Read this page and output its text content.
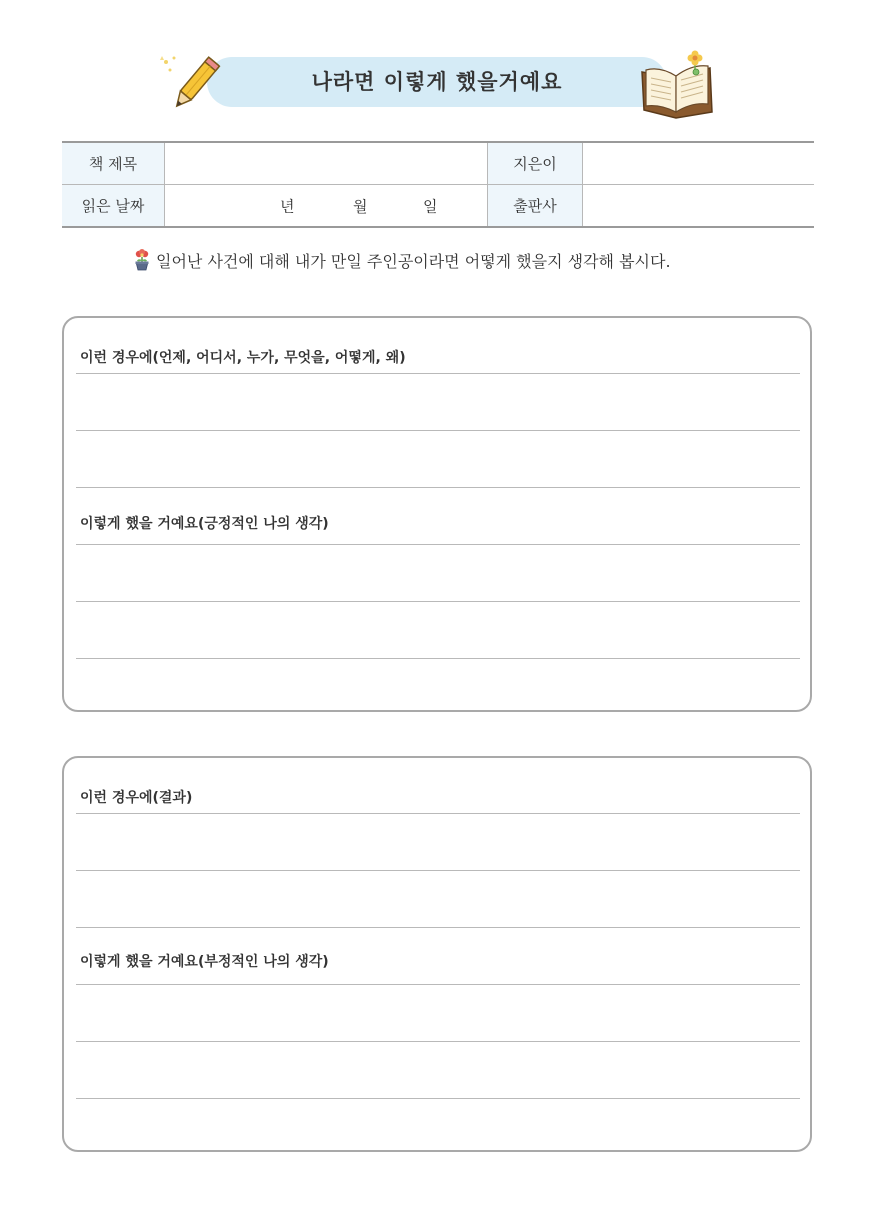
나라면 이렇게 했을거예요
책 제목		지은이	
읽은 날짜	년 월 일	출판사	
일어난 사건에 대해 내가 만일 주인공이라면 어떻게 했을지 생각해 봅시다.
이런 경우에(언제, 어디서, 누가, 무엇을, 어떻게, 왜)
이렇게 했을 거예요(긍정적인 나의 생각)
이런 경우에(결과)
이렇게 했을 거예요(부정적인 나의 생각)
